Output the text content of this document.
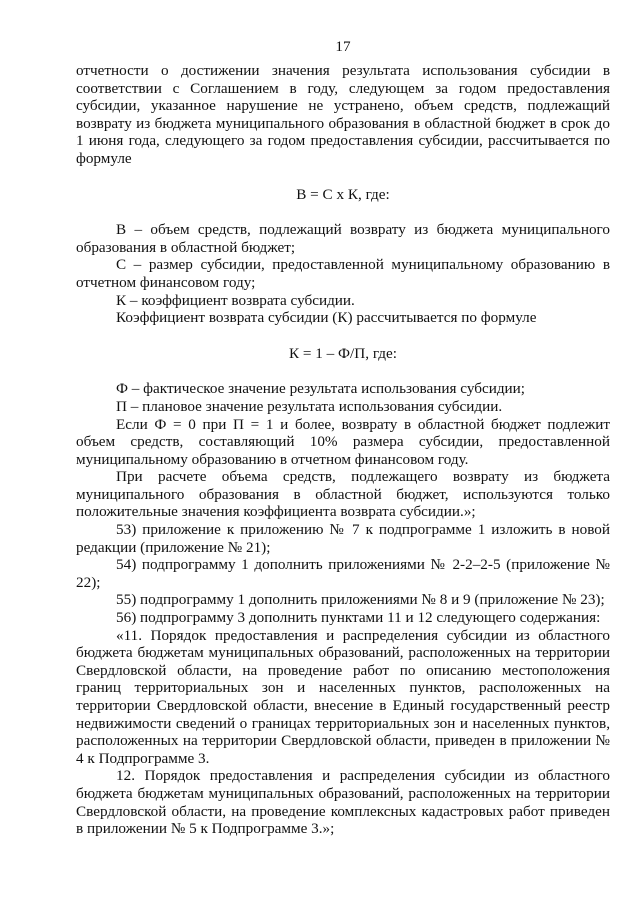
17

отчетности о достижении значения результата использования субсидии в соответствии с Соглашением в году, следующем за годом предоставления субсидии, указанное нарушение не устранено, объем средств, подлежащий возврату из бюджета муниципального образования в областной бюджет в срок до 1 июня года, следующего за годом предоставления субсидии, рассчитывается по формуле

В = С х К, где:

В – объем средств, подлежащий возврату из бюджета муниципального образования в областной бюджет;

С – размер субсидии, предоставленной муниципальному образованию в отчетном финансовом году;

К – коэффициент возврата субсидии.

Коэффициент возврата субсидии (К) рассчитывается по формуле

К = 1 – Ф/П, где:

Ф – фактическое значение результата использования субсидии;

П – плановое значение результата использования субсидии.

Если Ф = 0 при П = 1 и более, возврату в областной бюджет подлежит объем средств, составляющий 10% размера субсидии, предоставленной муниципальному образованию в отчетном финансовом году.

При расчете объема средств, подлежащего возврату из бюджета муниципального образования в областной бюджет, используются только положительные значения коэффициента возврата субсидии.»;

53) приложение к приложению № 7 к подпрограмме 1 изложить в новой редакции (приложение № 21);

54) подпрограмму 1 дополнить приложениями № 2-2–2-5 (приложение № 22);

55) подпрограмму 1 дополнить приложениями № 8 и 9 (приложение № 23);

56) подпрограмму 3 дополнить пунктами 11 и 12 следующего содержания:

«11. Порядок предоставления и распределения субсидии из областного бюджета бюджетам муниципальных образований, расположенных на территории Свердловской области, на проведение работ по описанию местоположения границ территориальных зон и населенных пунктов, расположенных на территории Свердловской области, внесение в Единый государственный реестр недвижимости сведений о границах территориальных зон и населенных пунктов, расположенных на территории Свердловской области, приведен в приложении № 4 к Подпрограмме 3.

12. Порядок предоставления и распределения субсидии из областного бюджета бюджетам муниципальных образований, расположенных на территории Свердловской области, на проведение комплексных кадастровых работ приведен в приложении № 5 к Подпрограмме 3.»;
